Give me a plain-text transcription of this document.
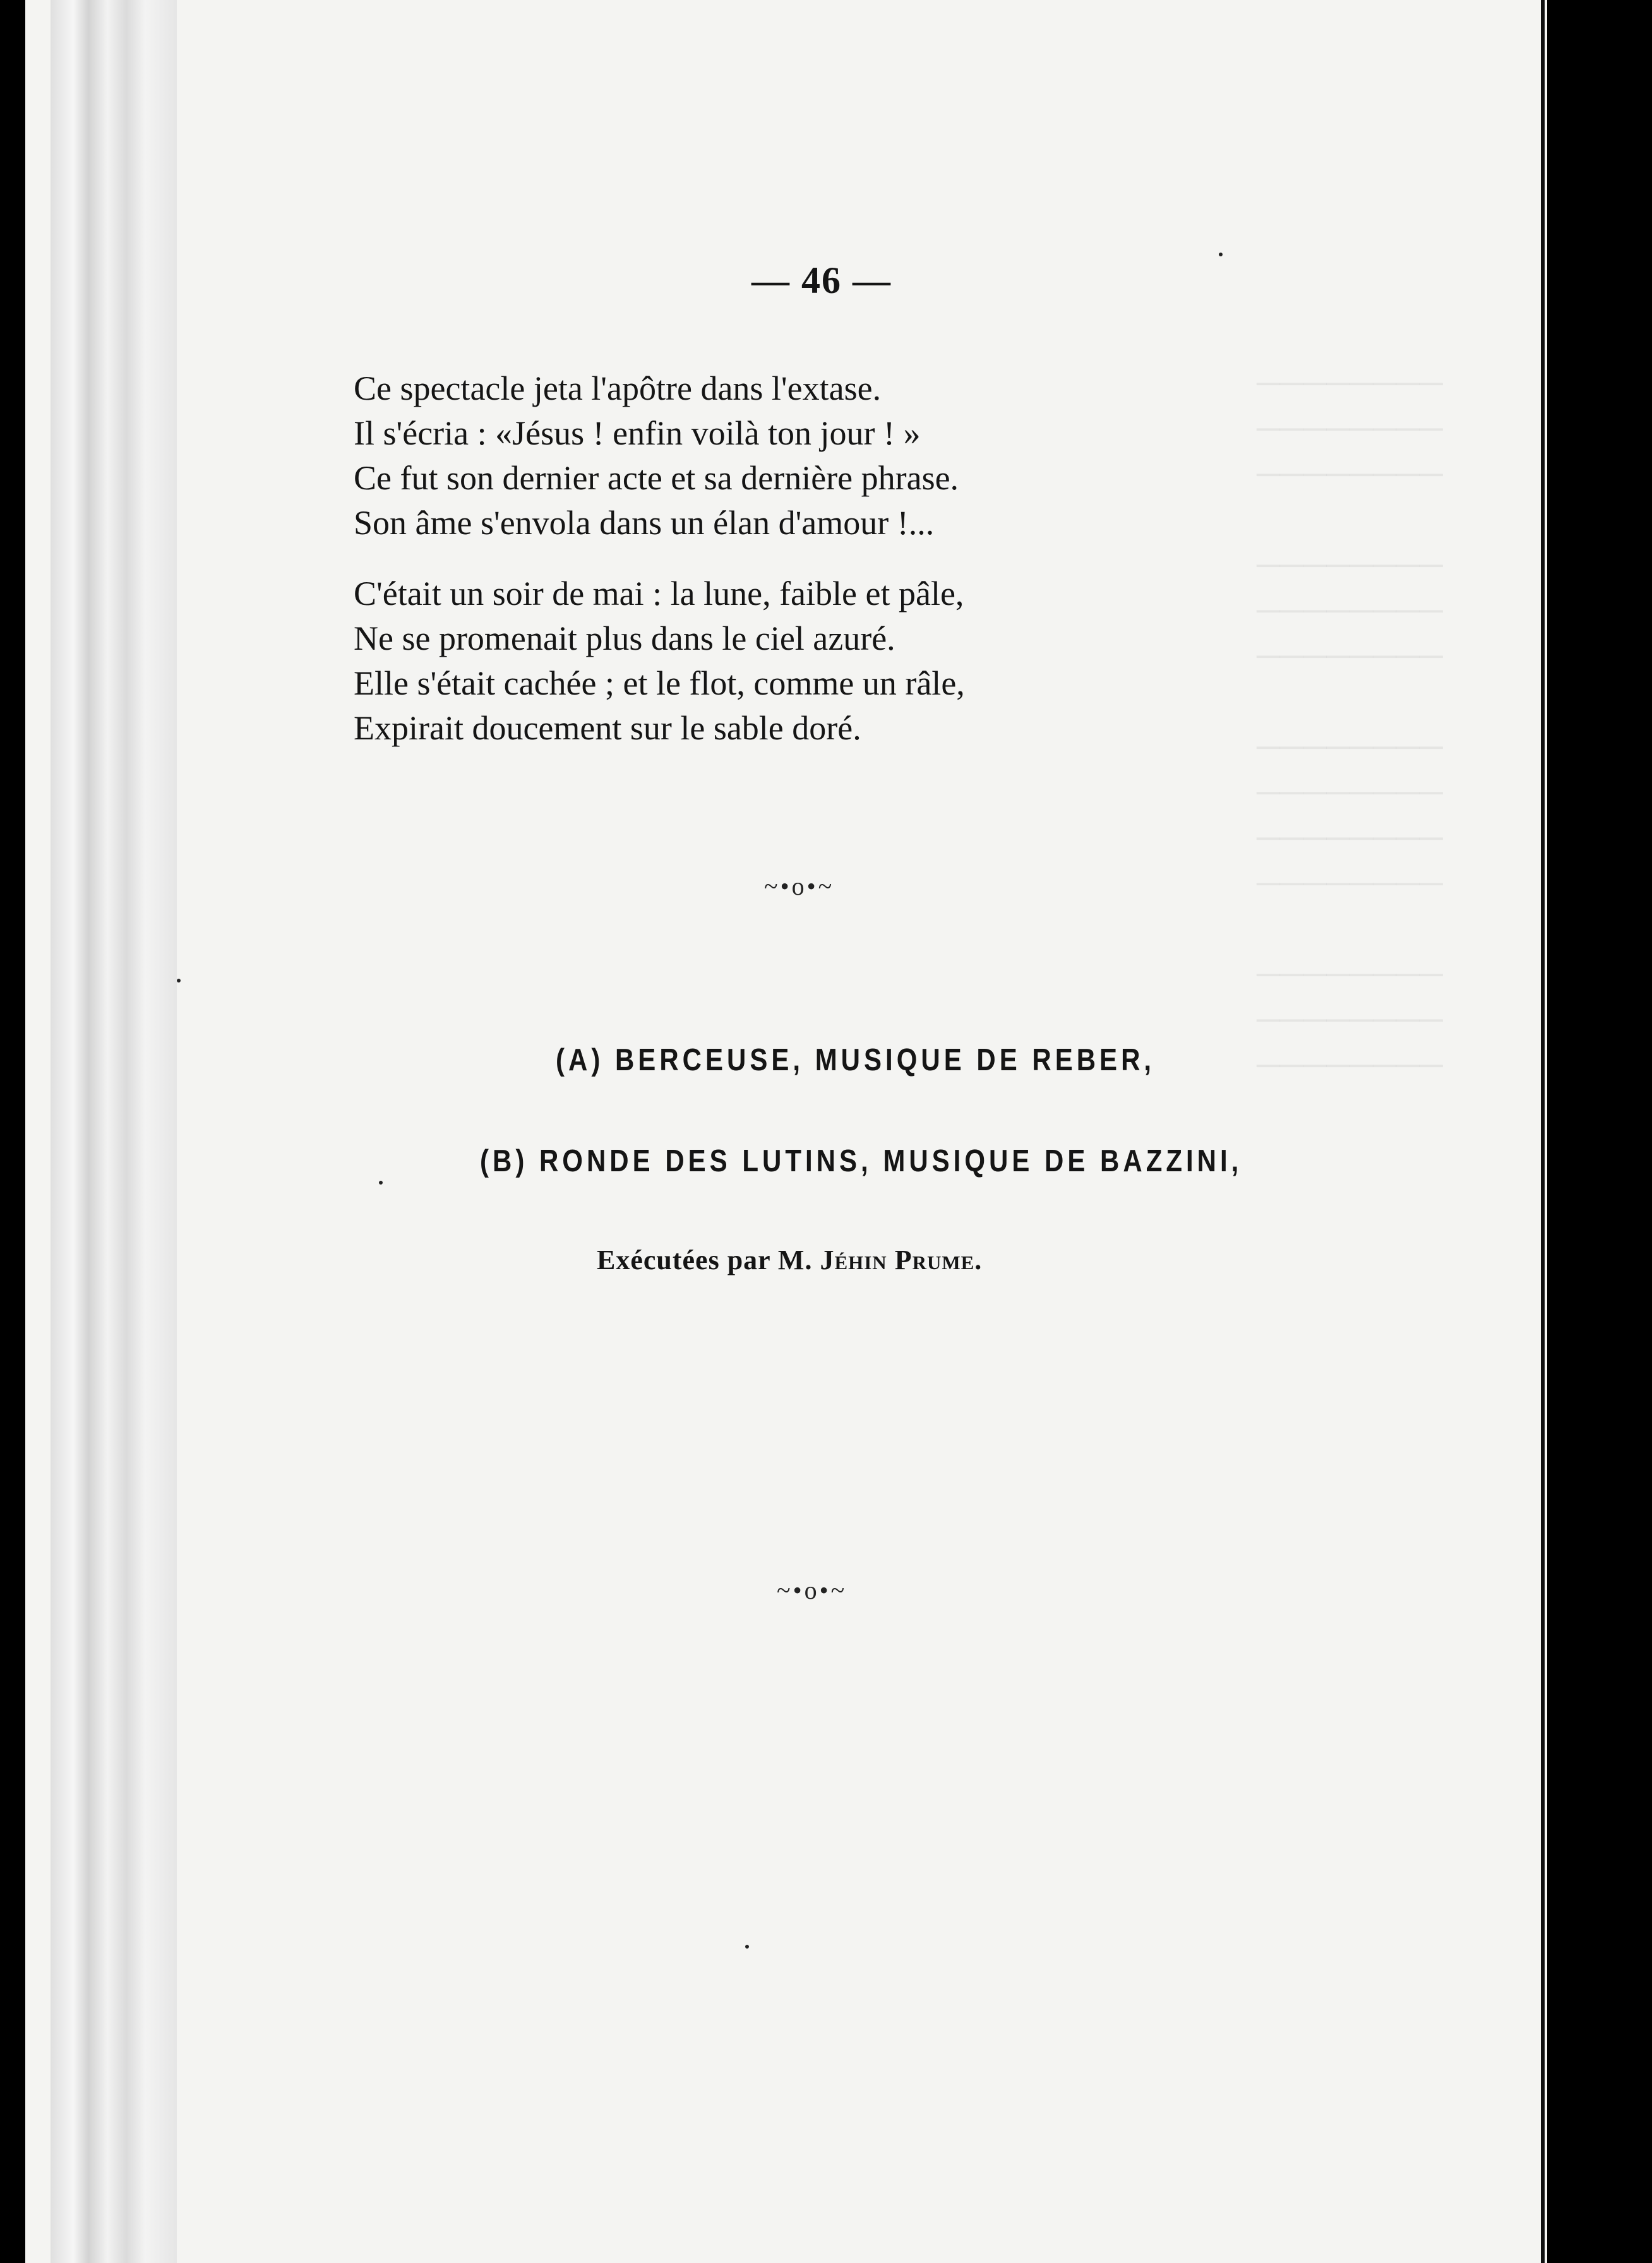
────────
────────
────────

────────
────────
────────

────────
────────
────────
────────

────────
────────
────────

— 46 —
Ce spectacle jeta l'apôtre dans l'extase.
Il s'écria : «Jésus ! enfin voilà ton jour ! »
Ce fut son dernier acte et sa dernière phrase.
Son âme s'envola dans un élan d'amour !...
C'était un soir de mai : la lune, faible et pâle,
Ne se promenait plus dans le ciel azuré.
Elle s'était cachée ; et le flot, comme un râle,
Expirait doucement sur le sable doré.
~•o•~
(A) BERCEUSE, MUSIQUE DE REBER,
(B) RONDE DES LUTINS, MUSIQUE DE BAZZINI,
Exécutées par M. Jéhin Prume.
~•o•~
